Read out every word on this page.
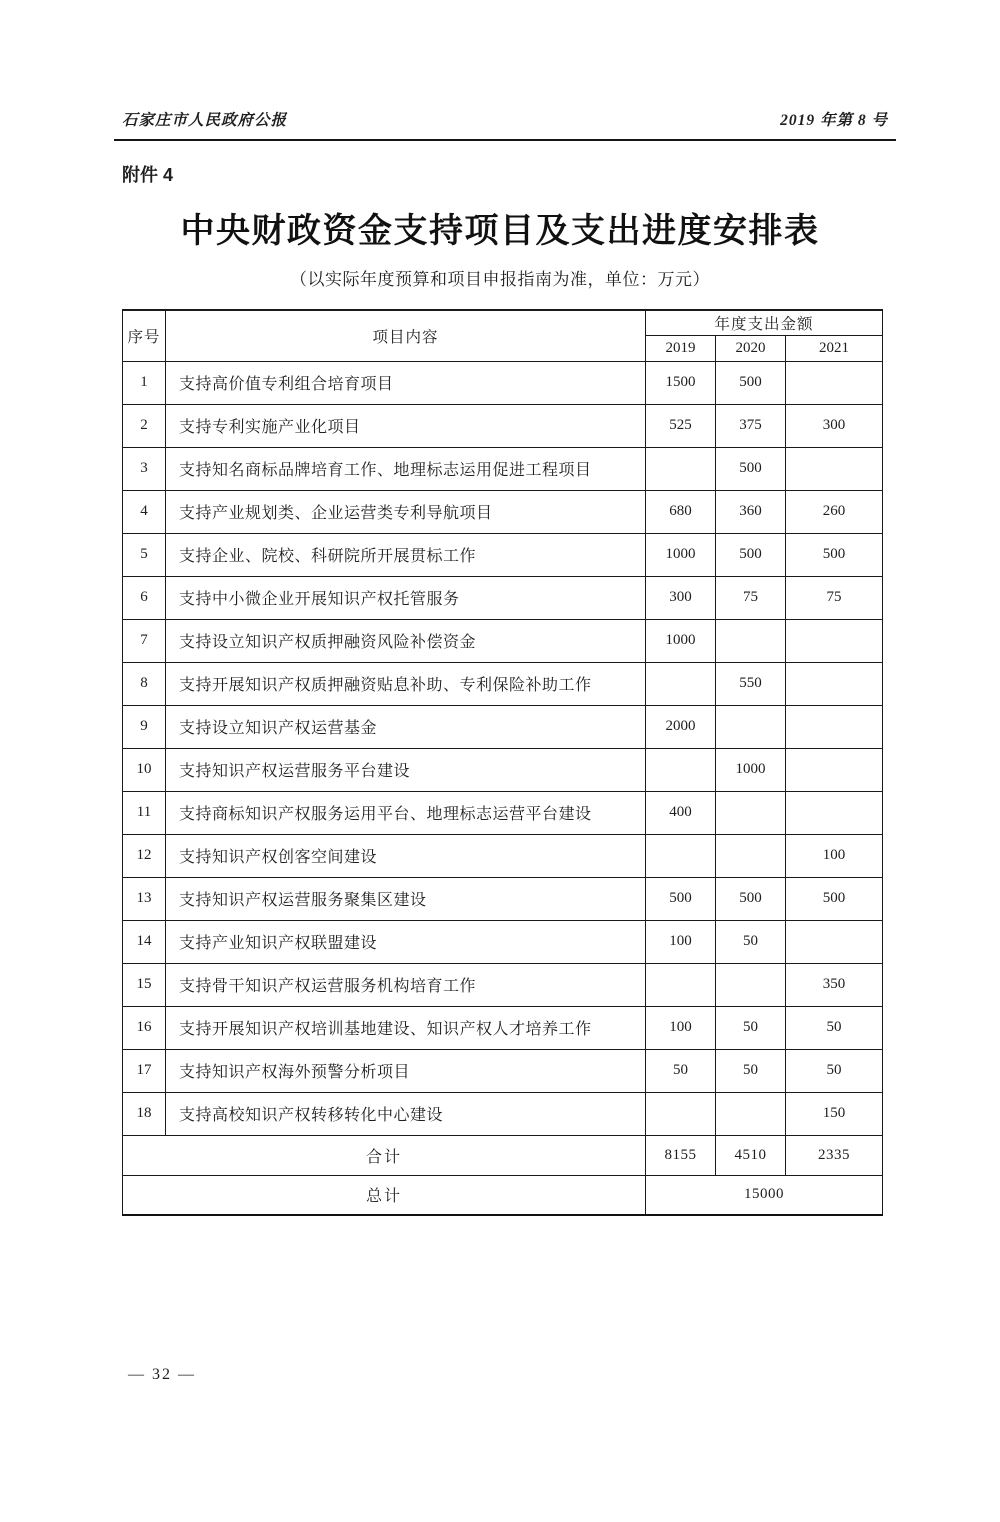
石家庄市人民政府公报	2019 年第 8 号
附件 4
中央财政资金支持项目及支出进度安排表
（以实际年度预算和项目申报指南为准，单位：万元）
序号	项目内容	年度支出金额		
		2019	2020	2021
1	支持高价值专利组合培育项目	1500	500	
2	支持专利实施产业化项目	525	375	300
3	支持知名商标品牌培育工作、地理标志运用促进工程项目		500	
4	支持产业规划类、企业运营类专利导航项目	680	360	260
5	支持企业、院校、科研院所开展贯标工作	1000	500	500
6	支持中小微企业开展知识产权托管服务	300	75	75
7	支持设立知识产权质押融资风险补偿资金	1000		
8	支持开展知识产权质押融资贴息补助、专利保险补助工作		550	
9	支持设立知识产权运营基金	2000		
10	支持知识产权运营服务平台建设		1000	
11	支持商标知识产权服务运用平台、地理标志运营平台建设	400		
12	支持知识产权创客空间建设			100
13	支持知识产权运营服务聚集区建设	500	500	500
14	支持产业知识产权联盟建设	100	50	
15	支持骨干知识产权运营服务机构培育工作			350
16	支持开展知识产权培训基地建设、知识产权人才培养工作	100	50	50
17	支持知识产权海外预警分析项目	50	50	50
18	支持高校知识产权转移转化中心建设			150
合计		8155	4510	2335
总计		15000		
— 32 —
